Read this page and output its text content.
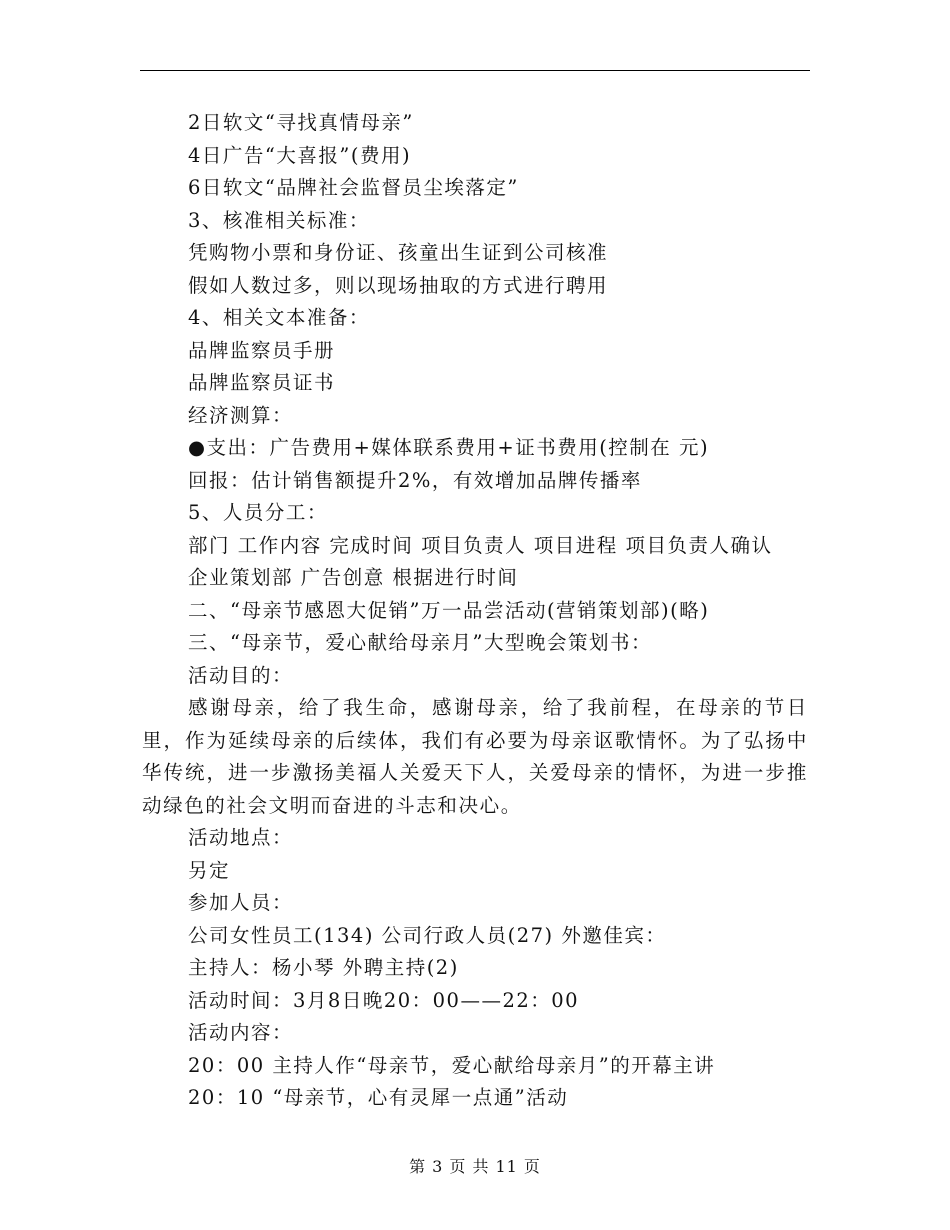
2日软文“寻找真情母亲”

4日广告“大喜报”(费用)

6日软文“品牌社会监督员尘埃落定”

3、核准相关标准：

凭购物小票和身份证、孩童出生证到公司核准

假如人数过多，则以现场抽取的方式进行聘用

4、相关文本准备：

品牌监察员手册

品牌监察员证书

经济测算：

●支出：广告费用+媒体联系费用+证书费用(控制在 元)

回报：估计销售额提升2%，有效增加品牌传播率

5、人员分工：

部门 工作内容 完成时间 项目负责人 项目进程 项目负责人确认

企业策划部 广告创意 根据进行时间

二、“母亲节感恩大促销”万一品尝活动(营销策划部)(略)

三、“母亲节，爱心献给母亲月”大型晚会策划书：

活动目的：

感谢母亲，给了我生命，感谢母亲，给了我前程，在母亲的节日里，作为延续母亲的后续体，我们有必要为母亲讴歌情怀。为了弘扬中华传统，进一步激扬美福人关爱天下人，关爱母亲的情怀，为进一步推动绿色的社会文明而奋进的斗志和决心。

活动地点：

另定

参加人员：

公司女性员工(134) 公司行政人员(27) 外邀佳宾：

主持人：杨小琴 外聘主持(2)

活动时间：3月8日晚20：00——22：00

活动内容：

20：00 主持人作“母亲节，爱心献给母亲月”的开幕主讲

20：10 “母亲节，心有灵犀一点通”活动

第 3 页 共 11 页
